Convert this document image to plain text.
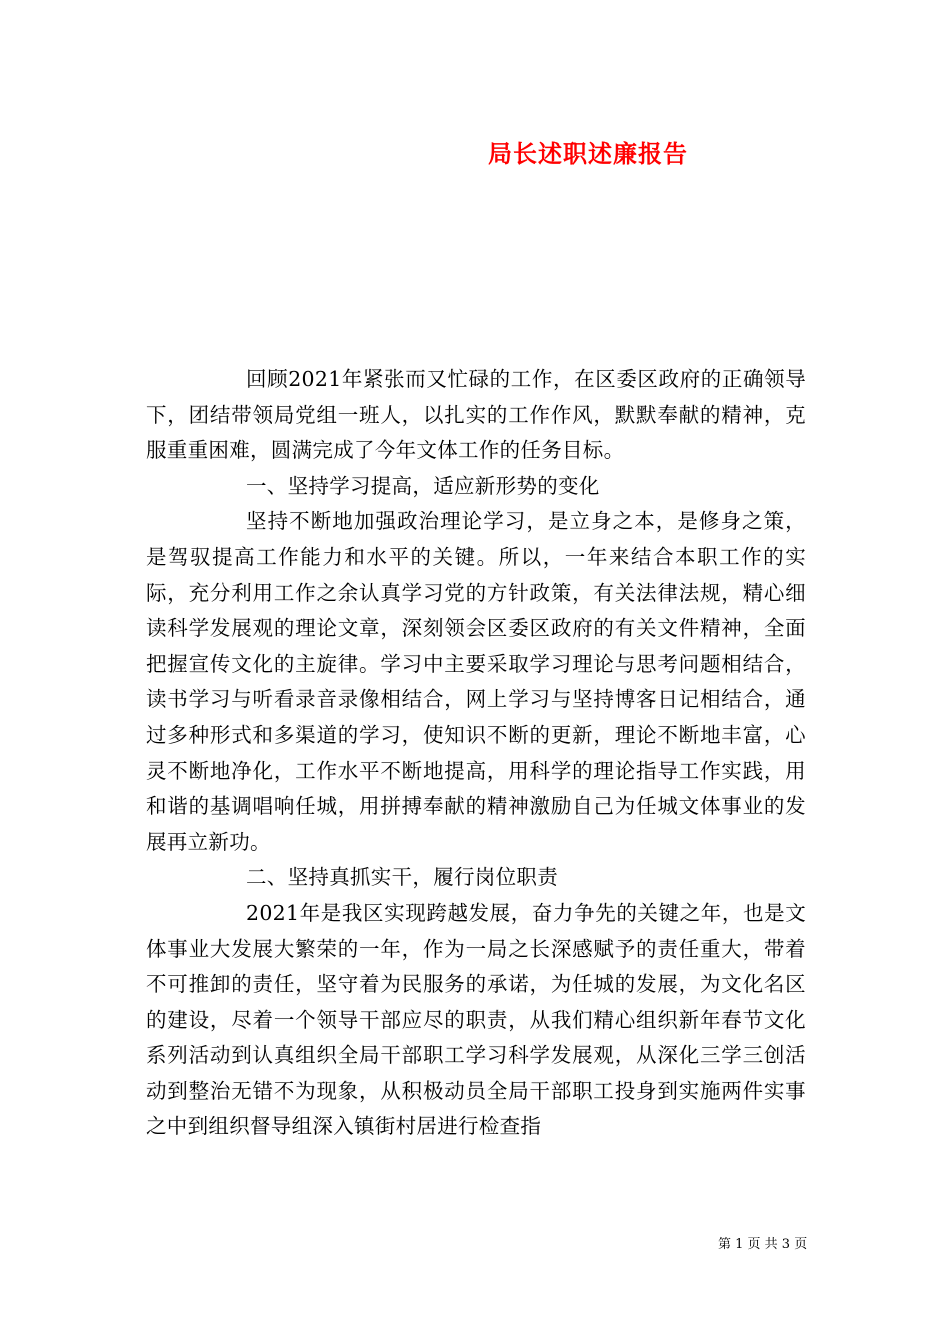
局长述职述廉报告

回顾2021年紧张而又忙碌的工作，在区委区政府的正确领导下，团结带领局党组一班人，以扎实的工作作风，默默奉献的精神，克服重重困难，圆满完成了今年文体工作的任务目标。

一、坚持学习提高，适应新形势的变化

坚持不断地加强政治理论学习，是立身之本，是修身之策，是驾驭提高工作能力和水平的关键。所以，一年来结合本职工作的实际，充分利用工作之余认真学习党的方针政策，有关法律法规，精心细读科学发展观的理论文章，深刻领会区委区政府的有关文件精神，全面把握宣传文化的主旋律。学习中主要采取学习理论与思考问题相结合，读书学习与听看录音录像相结合，网上学习与坚持博客日记相结合，通过多种形式和多渠道的学习，使知识不断的更新，理论不断地丰富，心灵不断地净化，工作水平不断地提高，用科学的理论指导工作实践，用和谐的基调唱响任城，用拼搏奉献的精神激励自己为任城文体事业的发展再立新功。

二、坚持真抓实干，履行岗位职责

2021年是我区实现跨越发展，奋力争先的关键之年，也是文体事业大发展大繁荣的一年，作为一局之长深感赋予的责任重大，带着不可推卸的责任，坚守着为民服务的承诺，为任城的发展，为文化名区的建设，尽着一个领导干部应尽的职责，从我们精心组织新年春节文化系列活动到认真组织全局干部职工学习科学发展观，从深化三学三创活动到整治无错不为现象，从积极动员全局干部职工投身到实施两件实事之中到组织督导组深入镇街村居进行检查指

第 1 页 共 3 页
